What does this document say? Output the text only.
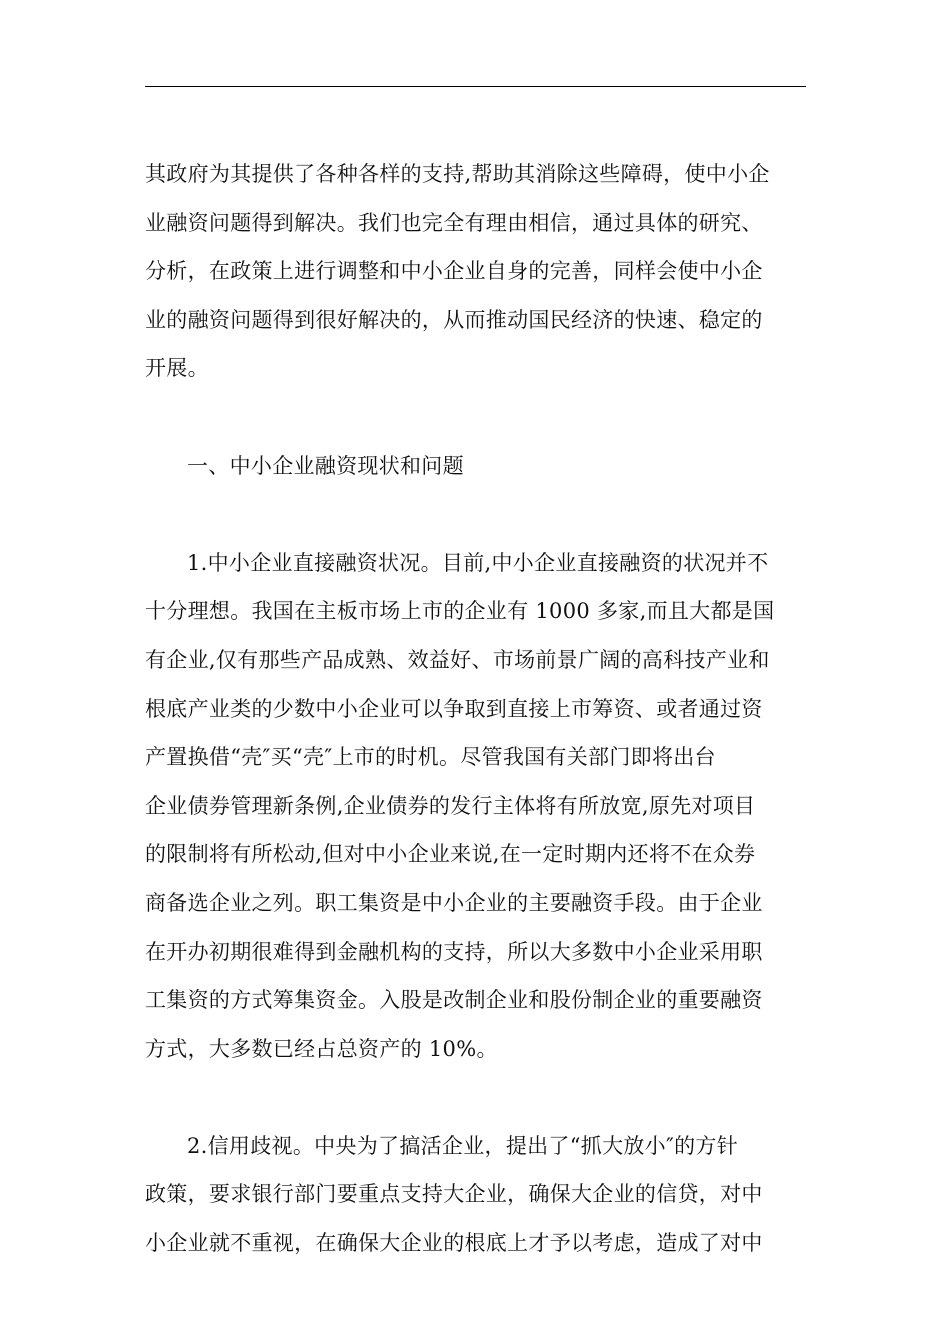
其政府为其提供了各种各样的支持,帮助其消除这些障碍，使中小企
业融资问题得到解决。我们也完全有理由相信，通过具体的研究、
分析，在政策上进行调整和中小企业自身的完善，同样会使中小企
业的融资问题得到很好解决的，从而推动国民经济的快速、稳定的
开展。
一、中小企业融资现状和问题
1.中小企业直接融资状况。目前,中小企业直接融资的状况并不
十分理想。我国在主板市场上市的企业有 1000 多家,而且大都是国
有企业,仅有那些产品成熟、效益好、市场前景广阔的高科技产业和
根底产业类的少数中小企业可以争取到直接上市筹资、或者通过资
产置换借“壳″买“壳″上市的时机。尽管我国有关部门即将出台
企业债券管理新条例,企业债券的发行主体将有所放宽,原先对项目
的限制将有所松动,但对中小企业来说,在一定时期内还将不在众券
商备选企业之列。职工集资是中小企业的主要融资手段。由于企业
在开办初期很难得到金融机构的支持，所以大多数中小企业采用职
工集资的方式筹集资金。入股是改制企业和股份制企业的重要融资
方式，大多数已经占总资产的 10%。
2.信用歧视。中央为了搞活企业，提出了“抓大放小″的方针
政策，要求银行部门要重点支持大企业，确保大企业的信贷，对中
小企业就不重视，在确保大企业的根底上才予以考虑，造成了对中
